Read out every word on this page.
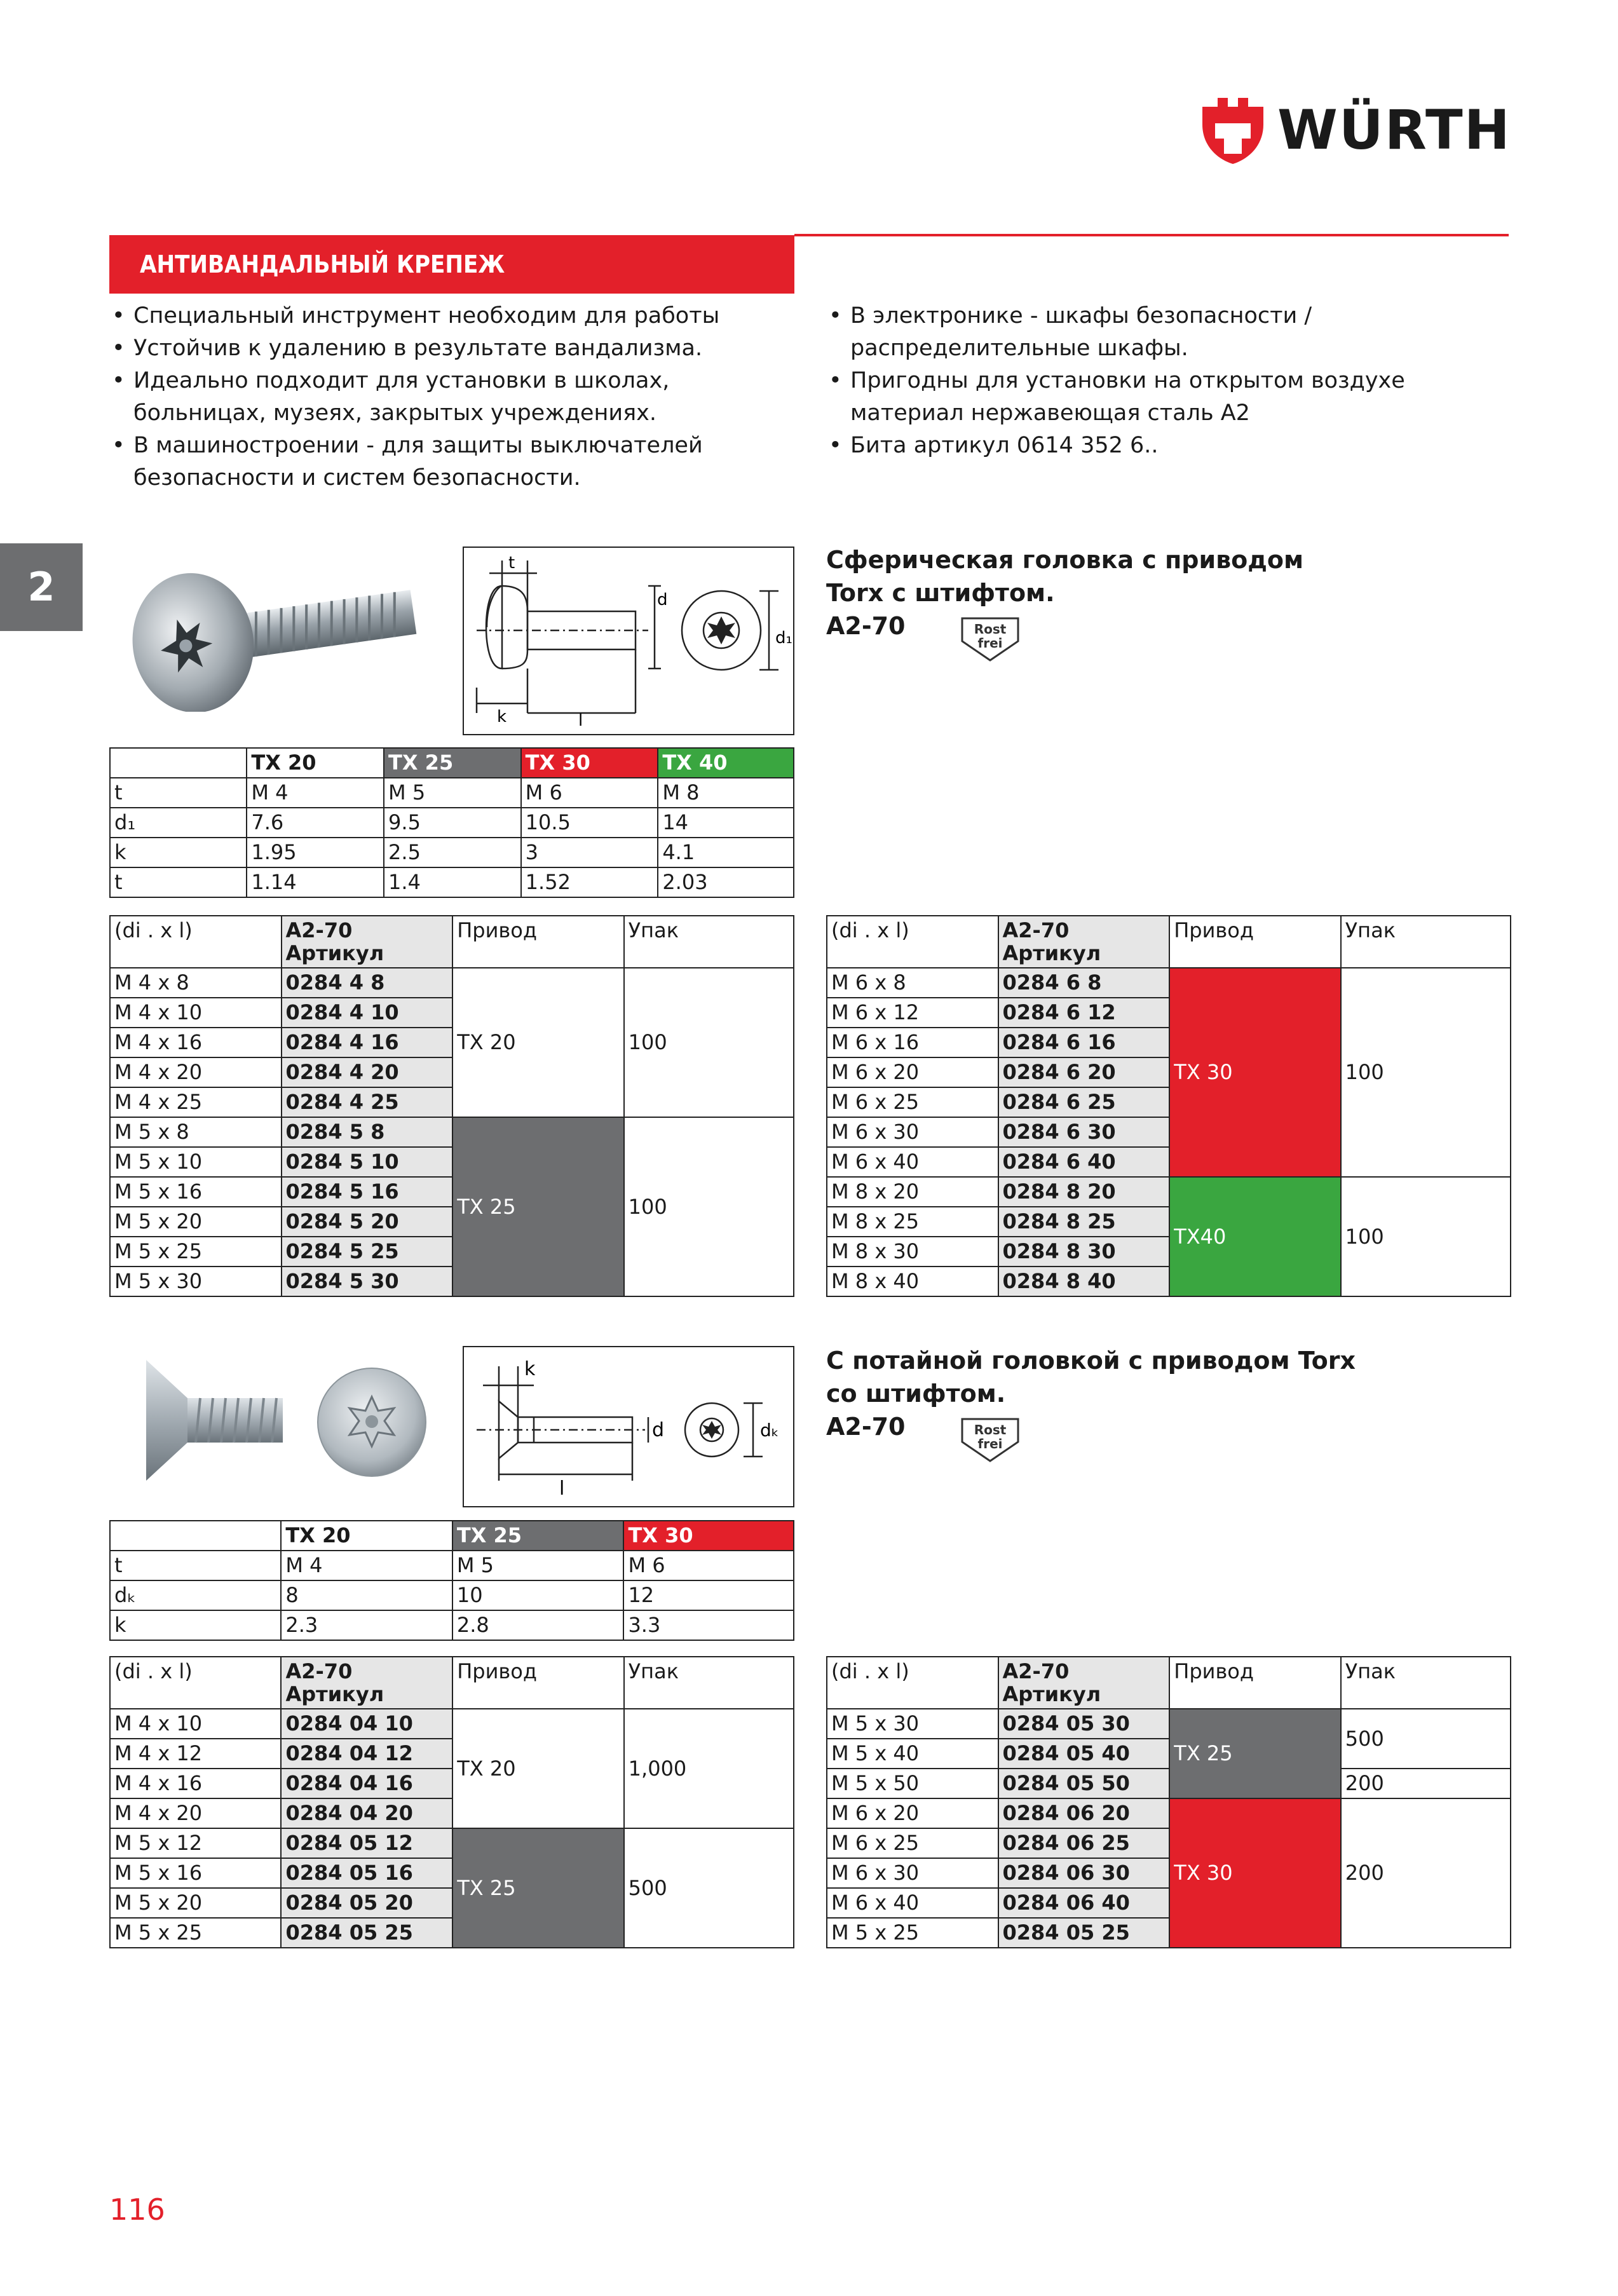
WÜRTH
АНТИВАНДАЛЬНЫЙ КРЕПЕЖ
• Специальный инструмент необходим для работы
• Устойчив к удалению в результате вандализма.
• Идеально подходит для установки в школах, больницах, музеях, закрытых учреждениях.
• В машиностроении - для защиты выключателей безопасности и систем безопасности.
• В электронике - шкафы безопасности / распределительные шкафы.
• Пригодны для установки на открытом воздухе материал нержавеющая сталь A2
• Бита артикул 0614 352 6..
2
t
d
d₁
k	l
Сферическая головка с приводом
Torx с штифтом.
A2-70	Rost
frei
	TX 20	TX 25	TX 30	TX 40
t	M 4	M 5	M 6	M 8
d₁	7.6	9.5	10.5	14
k	1.95	2.5	3	4.1
t	1.14	1.4	1.52	2.03
(di . x l)	A2-70
Артикул	Привод	Упак
M 4 x 8	0284 4 8	TX 20	100
M 4 x 10	0284 4 10		
M 4 x 16	0284 4 16		
M 4 x 20	0284 4 20		
M 4 x 25	0284 4 25		
M 5 x 8	0284 5 8	TX 25	100
M 5 x 10	0284 5 10		
M 5 x 16	0284 5 16		
M 5 x 20	0284 5 20		
M 5 x 25	0284 5 25		
M 5 x 30	0284 5 30		
(di . x l)	A2-70
Артикул	Привод	Упак
M 6 x 8	0284 6 8	TX 30	100
M 6 x 12	0284 6 12		
M 6 x 16	0284 6 16		
M 6 x 20	0284 6 20		
M 6 x 25	0284 6 25		
M 6 x 30	0284 6 30		
M 6 x 40	0284 6 40		
M 8 x 20	0284 8 20	TX40	100
M 8 x 25	0284 8 25		
M 8 x 30	0284 8 30		
M 8 x 40	0284 8 40		
k
d	dₖ
l
С потайной головкой с приводом Torx
со штифтом.
A2-70	Rost
frei
	TX 20	TX 25	TX 30
t	M 4	M 5	M 6
dₖ	8	10	12
k	2.3	2.8	3.3
(di . x l)	A2-70
Артикул	Привод	Упак
M 4 x 10	0284 04 10	TX 20	1,000
M 4 x 12	0284 04 12		
M 4 x 16	0284 04 16		
M 4 x 20	0284 04 20		
M 5 x 12	0284 05 12	TX 25	500
M 5 x 16	0284 05 16		
M 5 x 20	0284 05 20		
M 5 x 25	0284 05 25		
(di . x l)	A2-70
Артикул	Привод	Упак
M 5 x 30	0284 05 30	TX 25	500
M 5 x 40	0284 05 40		
M 5 x 50	0284 05 50		200
M 6 x 20	0284 06 20	TX 30	200
M 6 x 25	0284 06 25		
M 6 x 30	0284 06 30		
M 6 x 40	0284 06 40		
M 5 x 25	0284 05 25		
116
